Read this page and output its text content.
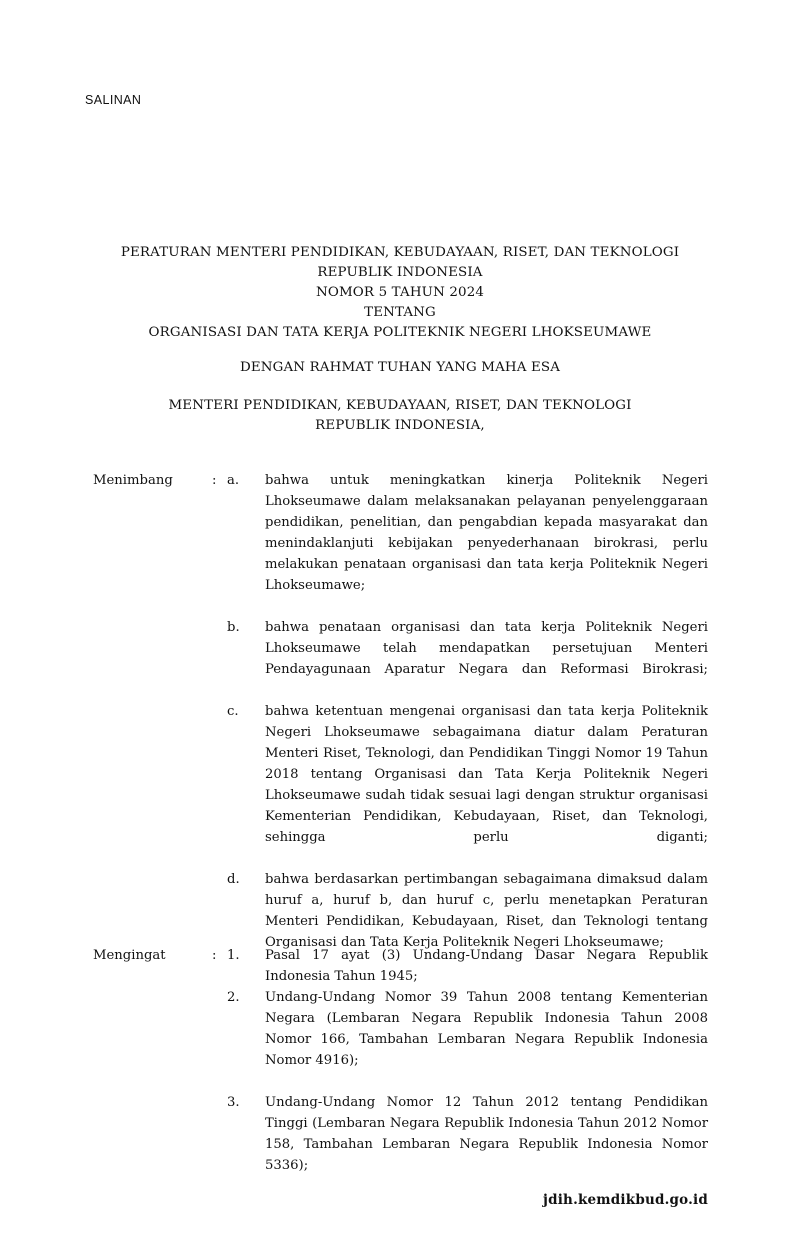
SALINAN
PERATURAN MENTERI PENDIDIKAN, KEBUDAYAAN, RISET, DAN TEKNOLOGI
REPUBLIK INDONESIA
NOMOR 5 TAHUN 2024
TENTANG
ORGANISASI DAN TATA KERJA POLITEKNIK NEGERI LHOKSEUMAWE
DENGAN RAHMAT TUHAN YANG MAHA ESA
MENTERI PENDIDIKAN, KEBUDAYAAN, RISET, DAN TEKNOLOGI
REPUBLIK INDONESIA,
Menimbang	: a.	bahwa untuk meningkatkan kinerja Politeknik Negeri Lhokseumawe dalam melaksanakan pelayanan penyelenggaraan pendidikan, penelitian, dan pengabdian kepada masyarakat dan menindaklanjuti kebijakan penyederhanaan birokrasi, perlu melakukan penataan organisasi dan tata kerja Politeknik Negeri Lhokseumawe;
b.	bahwa penataan organisasi dan tata kerja Politeknik Negeri Lhokseumawe telah mendapatkan persetujuan Menteri Pendayagunaan Aparatur Negara dan Reformasi Birokrasi;
c.	bahwa ketentuan mengenai organisasi dan tata kerja Politeknik Negeri Lhokseumawe sebagaimana diatur dalam Peraturan Menteri Riset, Teknologi, dan Pendidikan Tinggi Nomor 19 Tahun 2018 tentang Organisasi dan Tata Kerja Politeknik Negeri Lhokseumawe sudah tidak sesuai lagi dengan struktur organisasi Kementerian Pendidikan, Kebudayaan, Riset, dan Teknologi, sehingga perlu diganti;
d.	bahwa berdasarkan pertimbangan sebagaimana dimaksud dalam huruf a, huruf b, dan huruf c, perlu menetapkan Peraturan Menteri Pendidikan, Kebudayaan, Riset, dan Teknologi tentang Organisasi dan Tata Kerja Politeknik Negeri Lhokseumawe;
Mengingat	: 1.	Pasal 17 ayat (3) Undang-Undang Dasar Negara Republik Indonesia Tahun 1945;
2.	Undang-Undang Nomor 39 Tahun 2008 tentang Kementerian Negara (Lembaran Negara Republik Indonesia Tahun 2008 Nomor 166, Tambahan Lembaran Negara Republik Indonesia Nomor 4916);
3.	Undang-Undang Nomor 12 Tahun 2012 tentang Pendidikan Tinggi (Lembaran Negara Republik Indonesia Tahun 2012 Nomor 158, Tambahan Lembaran Negara Republik Indonesia Nomor 5336);
jdih.kemdikbud.go.id
